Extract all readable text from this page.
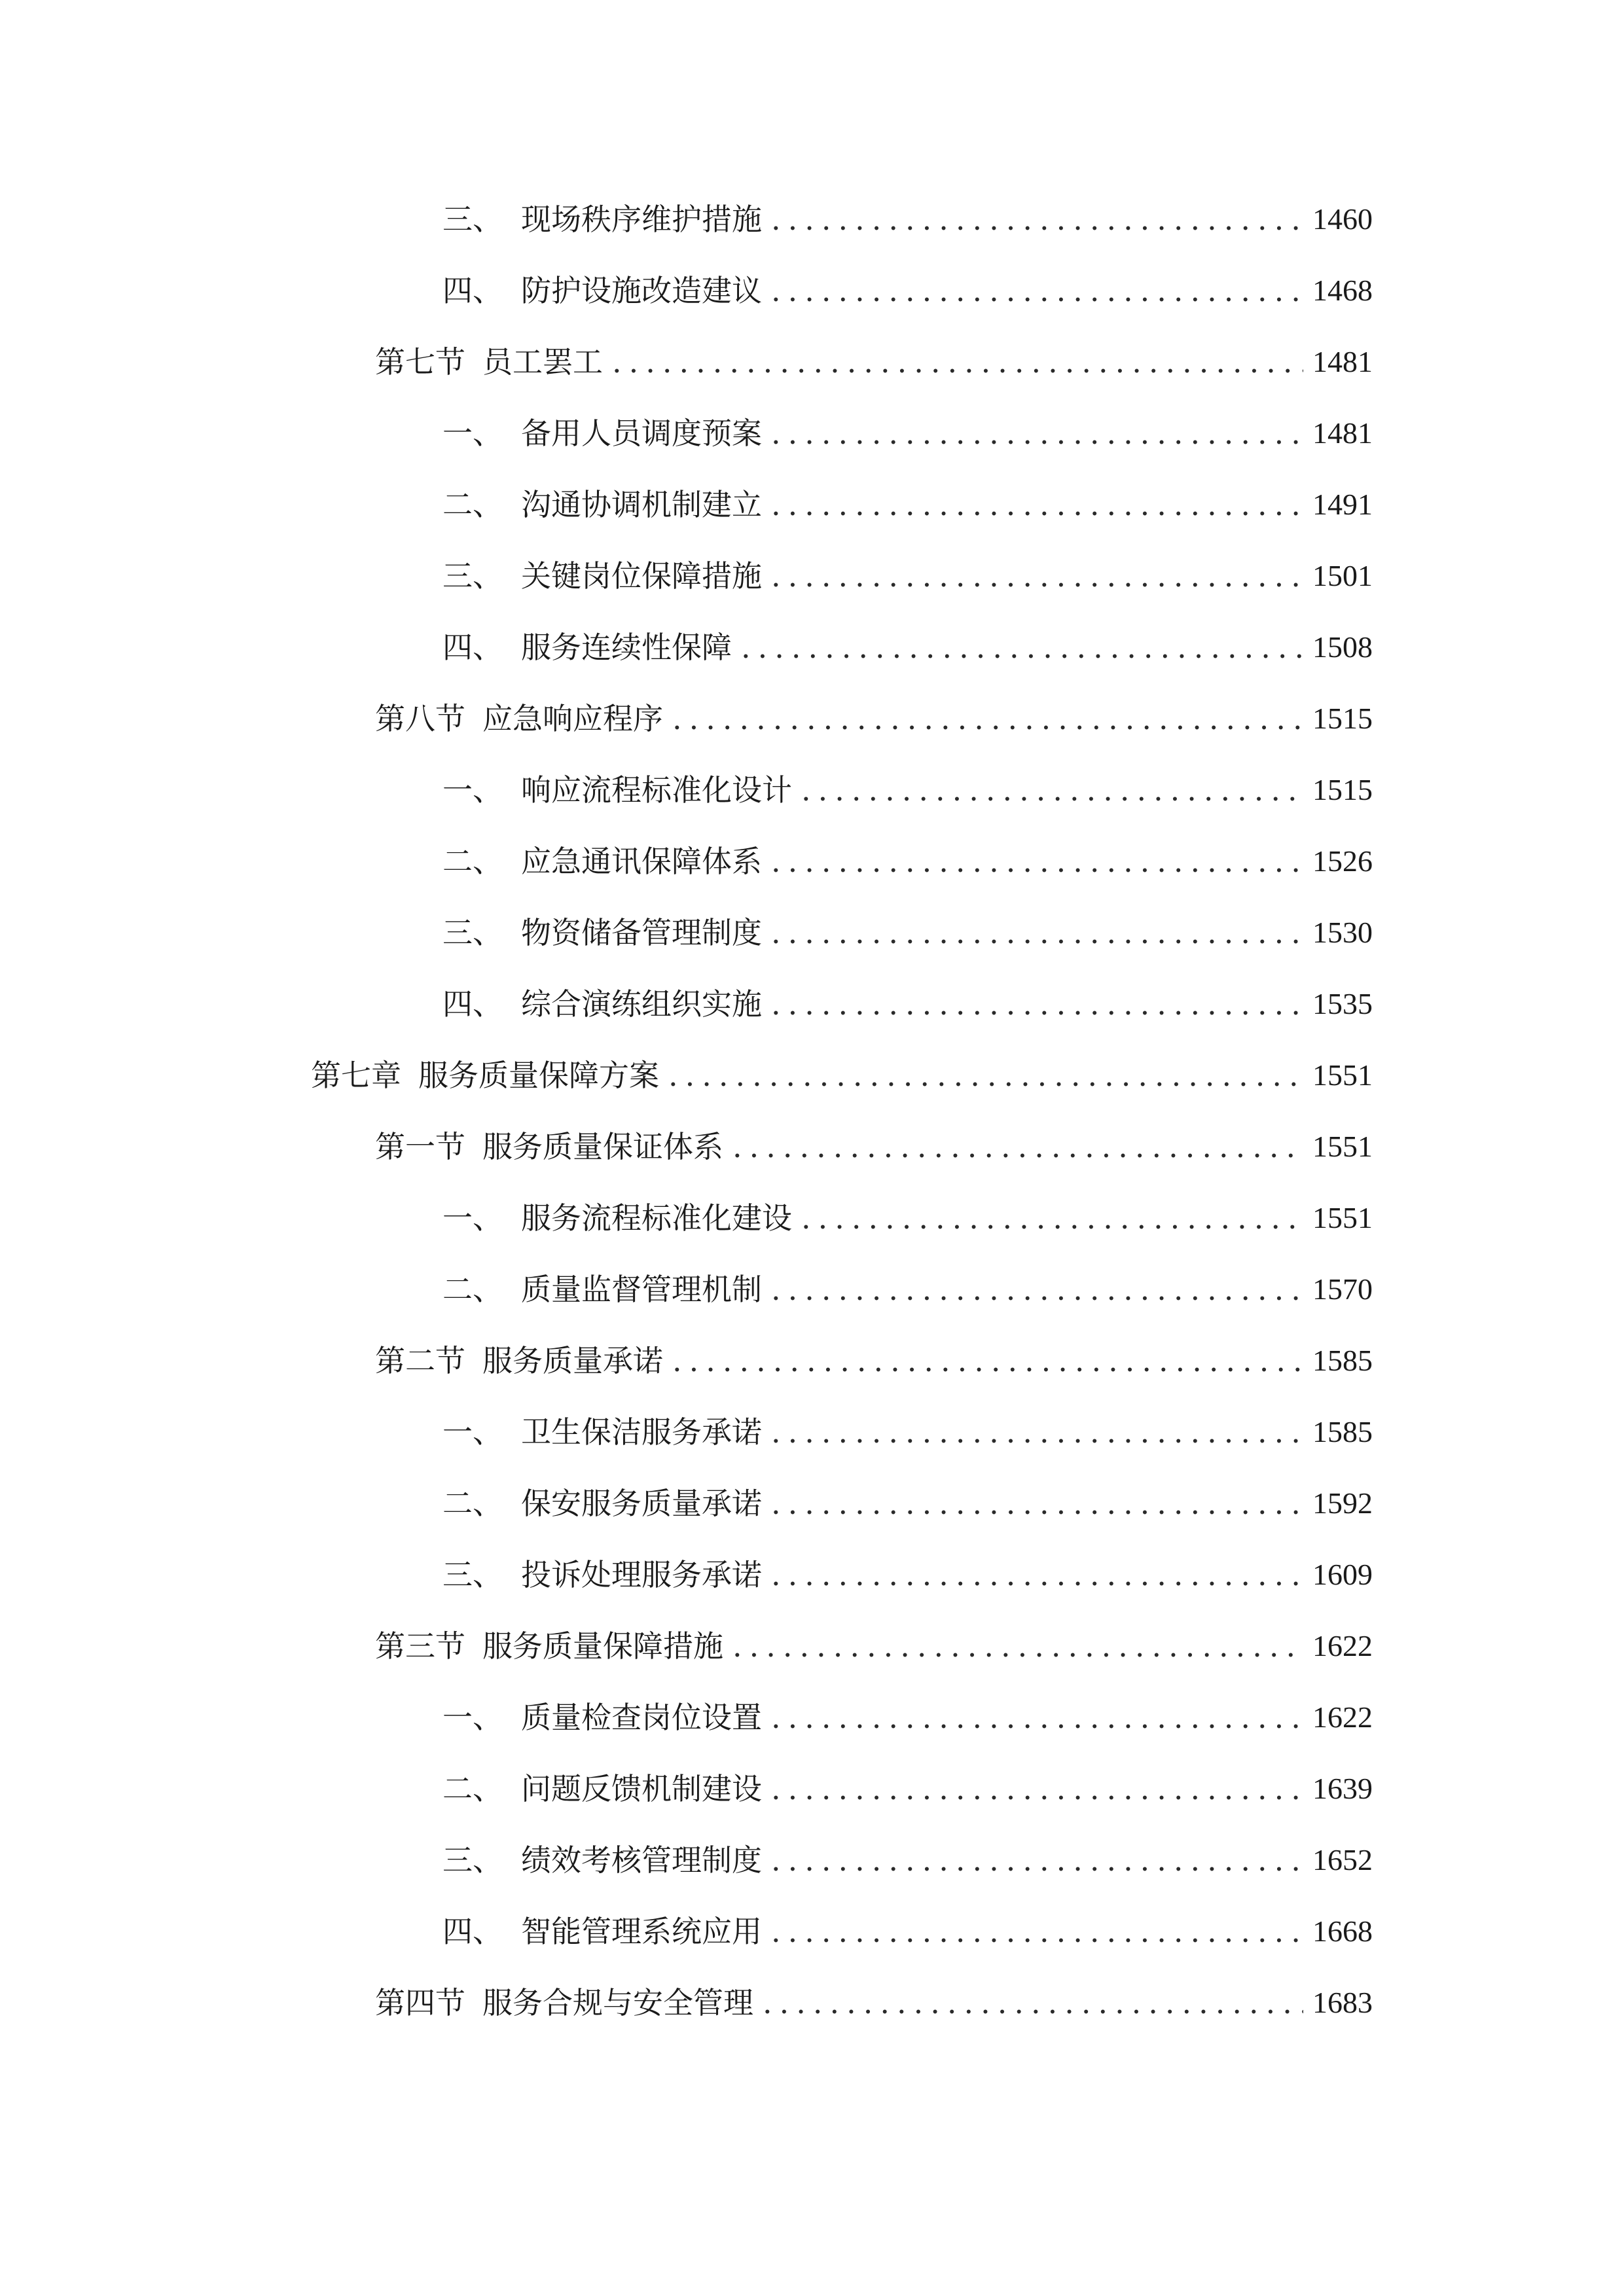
三、 现场秩序维护措施 .....	1460
四、 防护设施改造建议 .....	1468
第七节 员工罢工 .....	1481
一、 备用人员调度预案 .....	1481
二、 沟通协调机制建立 .....	1491
三、 关键岗位保障措施 .....	1501
四、 服务连续性保障 .....	1508
第八节 应急响应程序 .....	1515
一、 响应流程标准化设计 .....	1515
二、 应急通讯保障体系 .....	1526
三、 物资储备管理制度 .....	1530
四、 综合演练组织实施 .....	1535
第七章 服务质量保障方案 .....	1551
第一节 服务质量保证体系 .....	1551
一、 服务流程标准化建设 .....	1551
二、 质量监督管理机制 .....	1570
第二节 服务质量承诺 .....	1585
一、 卫生保洁服务承诺 .....	1585
二、 保安服务质量承诺 .....	1592
三、 投诉处理服务承诺 .....	1609
第三节 服务质量保障措施 .....	1622
一、 质量检查岗位设置 .....	1622
二、 问题反馈机制建设 .....	1639
三、 绩效考核管理制度 .....	1652
四、 智能管理系统应用 .....	1668
第四节 服务合规与安全管理 .....	1683
